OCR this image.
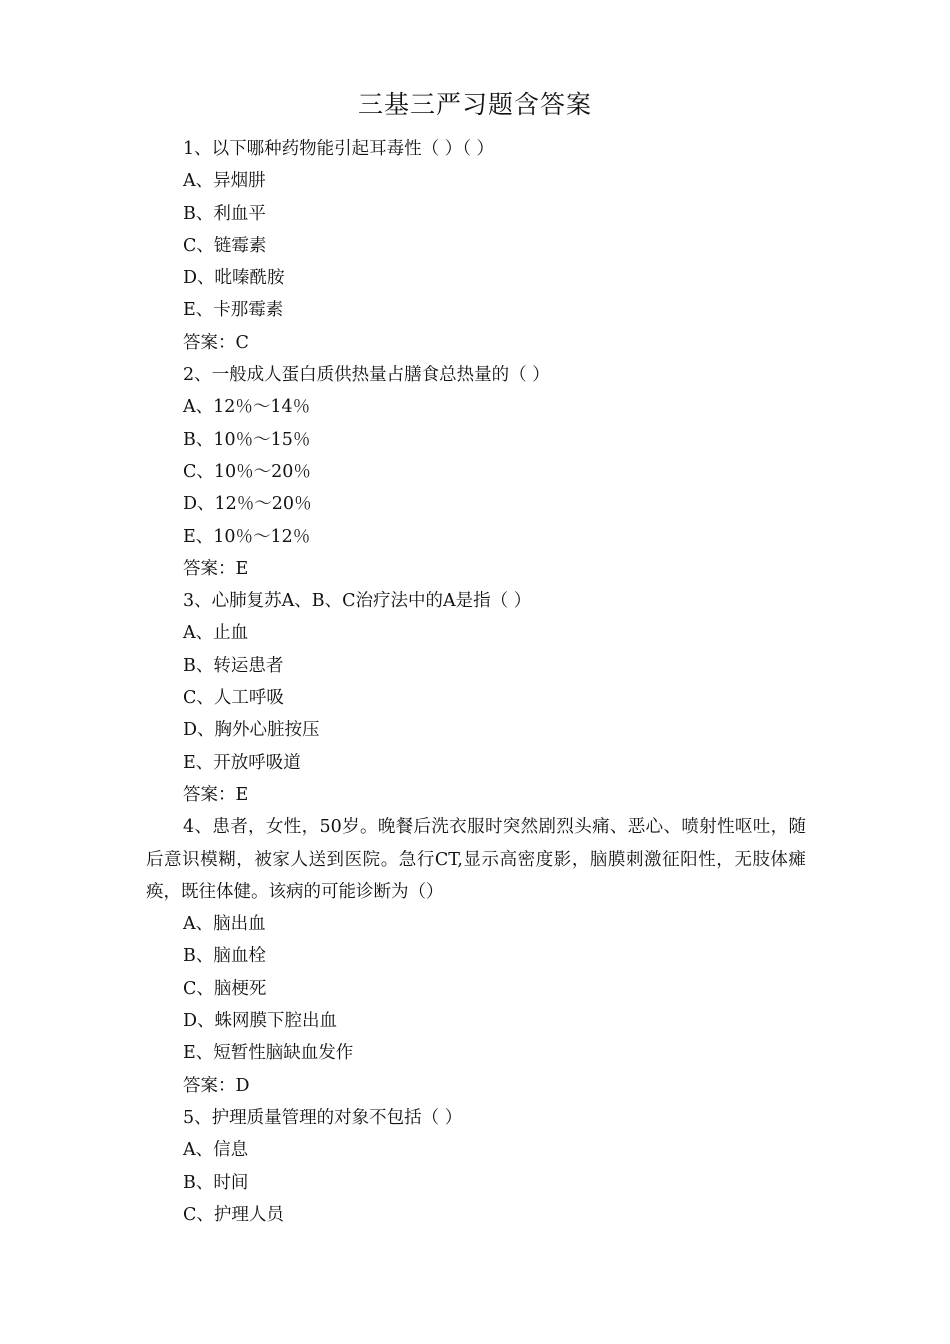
三基三严习题含答案
1、以下哪种药物能引起耳毒性（ ）（ ）
A、异烟肼
B、利血平
C、链霉素
D、吡嗪酰胺
E、卡那霉素
答案：C
2、一般成人蛋白质供热量占膳食总热量的（ ）
A、12％～14％
B、10％～15％
C、10％～20％
D、12％～20％
E、10％～12％
答案：E
3、心肺复苏A、B、C治疗法中的A是指（ ）
A、止血
B、转运患者
C、人工呼吸
D、胸外心脏按压
E、开放呼吸道
答案：E
4、患者，女性，50岁。晚餐后洗衣服时突然剧烈头痛、恶心、喷射性呕吐，随后意识模糊，被家人送到医院。急行CT,显示高密度影，脑膜刺激征阳性，无肢体瘫痪，既往体健。该病的可能诊断为（）
A、脑出血
B、脑血栓
C、脑梗死
D、蛛网膜下腔出血
E、短暂性脑缺血发作
答案：D
5、护理质量管理的对象不包括（ ）
A、信息
B、时间
C、护理人员
